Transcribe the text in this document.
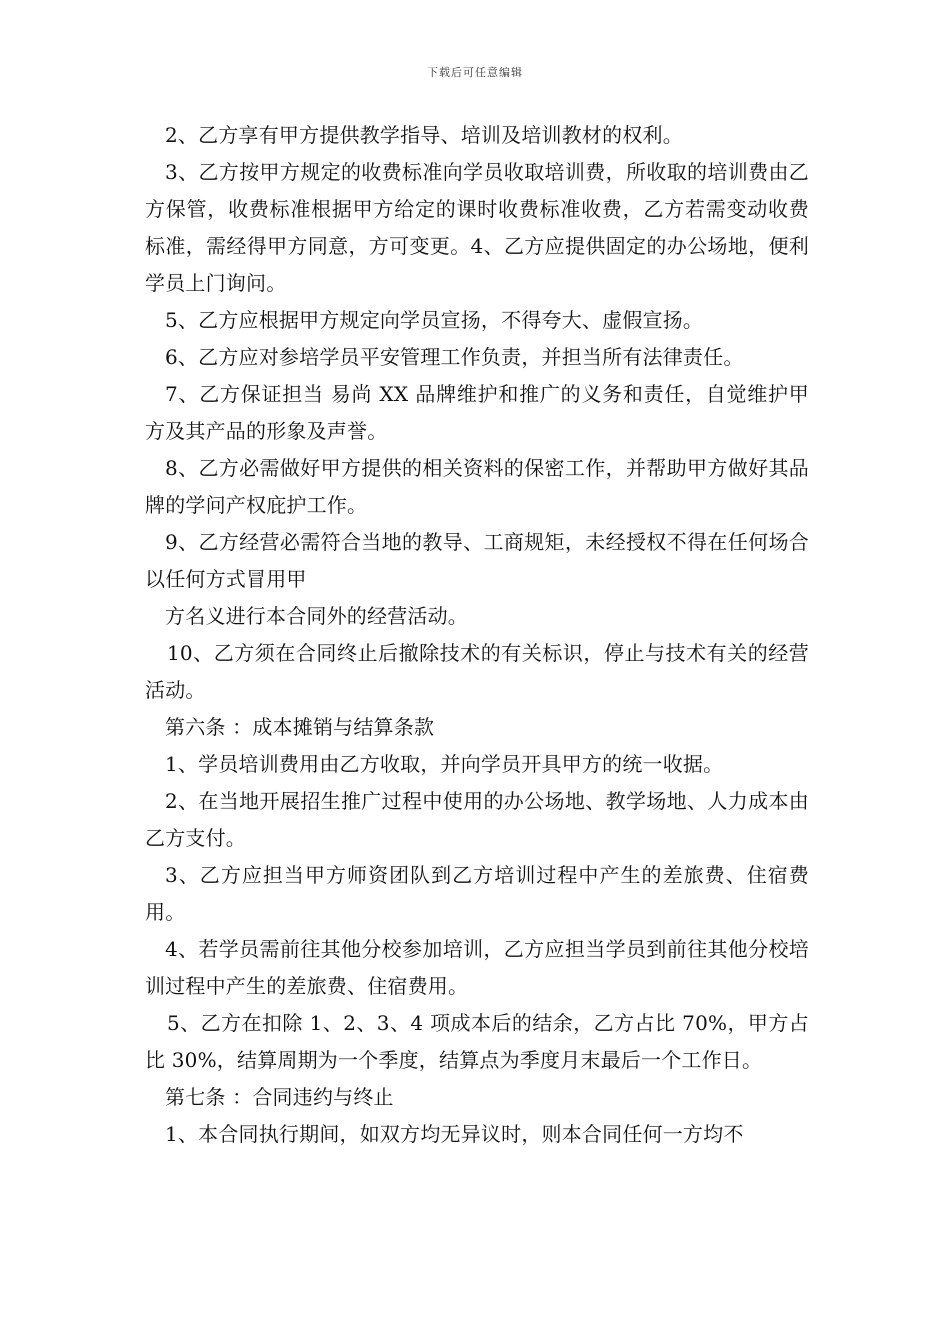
下载后可任意编辑

2、乙方享有甲方提供教学指导、培训及培训教材的权利。

3、乙方按甲方规定的收费标准向学员收取培训费，所收取的培训费由乙方保管，收费标准根据甲方给定的课时收费标准收费，乙方若需变动收费标准，需经得甲方同意，方可变更。4、乙方应提供固定的办公场地，便利学员上门询问。

5、乙方应根据甲方规定向学员宣扬，不得夸大、虚假宣扬。

6、乙方应对参培学员平安管理工作负责，并担当所有法律责任。

7、乙方保证担当 易尚 XX 品牌维护和推广的义务和责任，自觉维护甲方及其产品的形象及声誉。

8、乙方必需做好甲方提供的相关资料的保密工作，并帮助甲方做好其品牌的学问产权庇护工作。

9、乙方经营必需符合当地的教导、工商规矩，未经授权不得在任何场合以任何方式冒用甲

方名义进行本合同外的经营活动。

10、乙方须在合同终止后撤除技术的有关标识，停止与技术有关的经营活动。

第六条 ：成本摊销与结算条款

1、学员培训费用由乙方收取，并向学员开具甲方的统一收据。

2、在当地开展招生推广过程中使用的办公场地、教学场地、人力成本由乙方支付。

3、乙方应担当甲方师资团队到乙方培训过程中产生的差旅费、住宿费用。

4、若学员需前往其他分校参加培训，乙方应担当学员到前往其他分校培训过程中产生的差旅费、住宿费用。

5、乙方在扣除 1、2、3、4 项成本后的结余，乙方占比 70%，甲方占比 30%，结算周期为一个季度，结算点为季度月末最后一个工作日。

第七条 ：合同违约与终止

1、本合同执行期间，如双方均无异议时，则本合同任何一方均不
